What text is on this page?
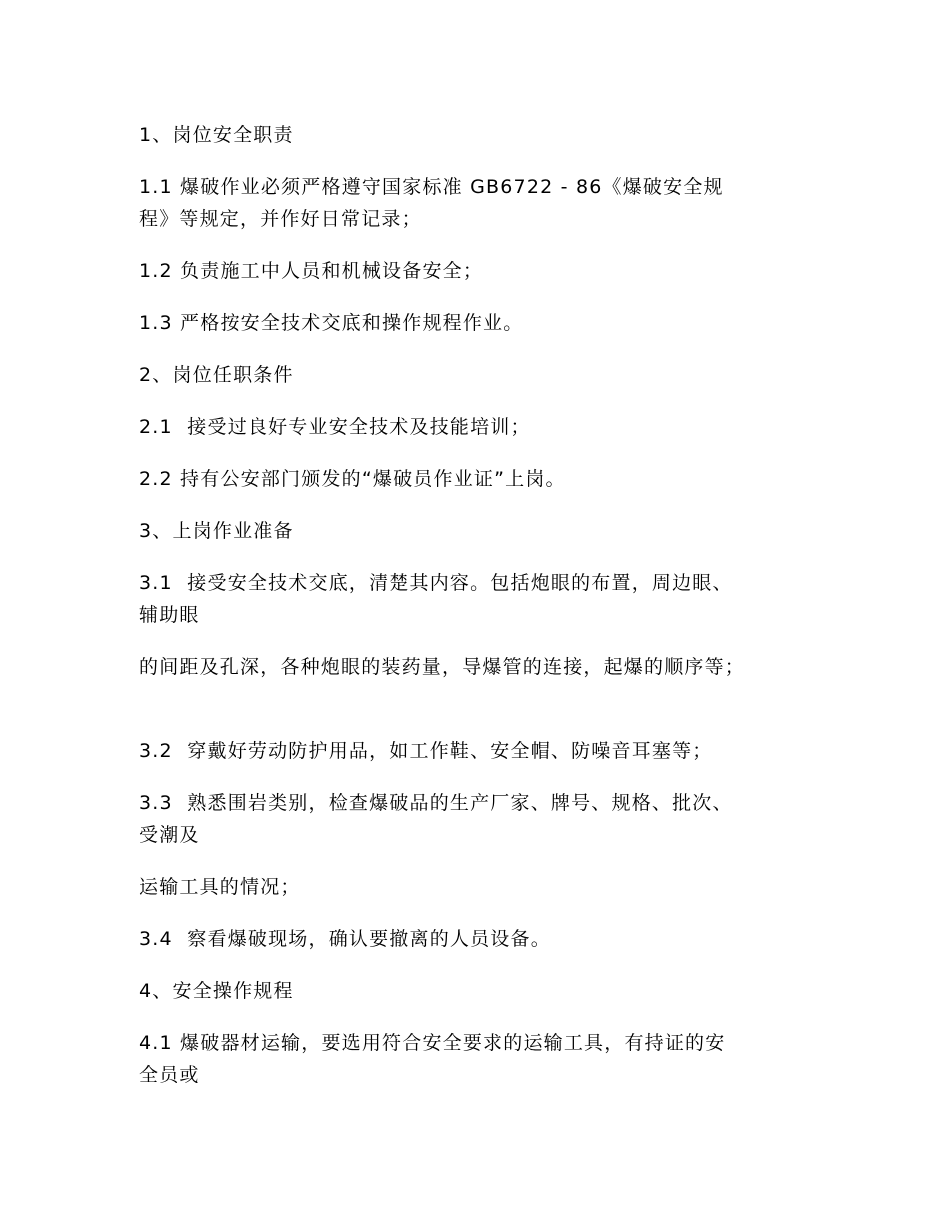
1、岗位安全职责

1.1 爆破作业必须严格遵守国家标准 GB6722 - 86《爆破安全规
程》等规定，并作好日常记录；

1.2 负责施工中人员和机械设备安全；

1.3 严格按安全技术交底和操作规程作业。

2、岗位任职条件

2.1  接受过良好专业安全技术及技能培训；

2.2 持有公安部门颁发的“爆破员作业证”上岗。

3、上岗作业准备

3.1  接受安全技术交底，清楚其内容。包括炮眼的布置，周边眼、
辅助眼

的间距及孔深，各种炮眼的装药量，导爆管的连接，起爆的顺序等；

3.2  穿戴好劳动防护用品，如工作鞋、安全帽、防噪音耳塞等；

3.3  熟悉围岩类别，检查爆破品的生产厂家、牌号、规格、批次、
受潮及

运输工具的情况；

3.4  察看爆破现场，确认要撤离的人员设备。

4、安全操作规程

4.1 爆破器材运输，要选用符合安全要求的运输工具，有持证的安
全员或
